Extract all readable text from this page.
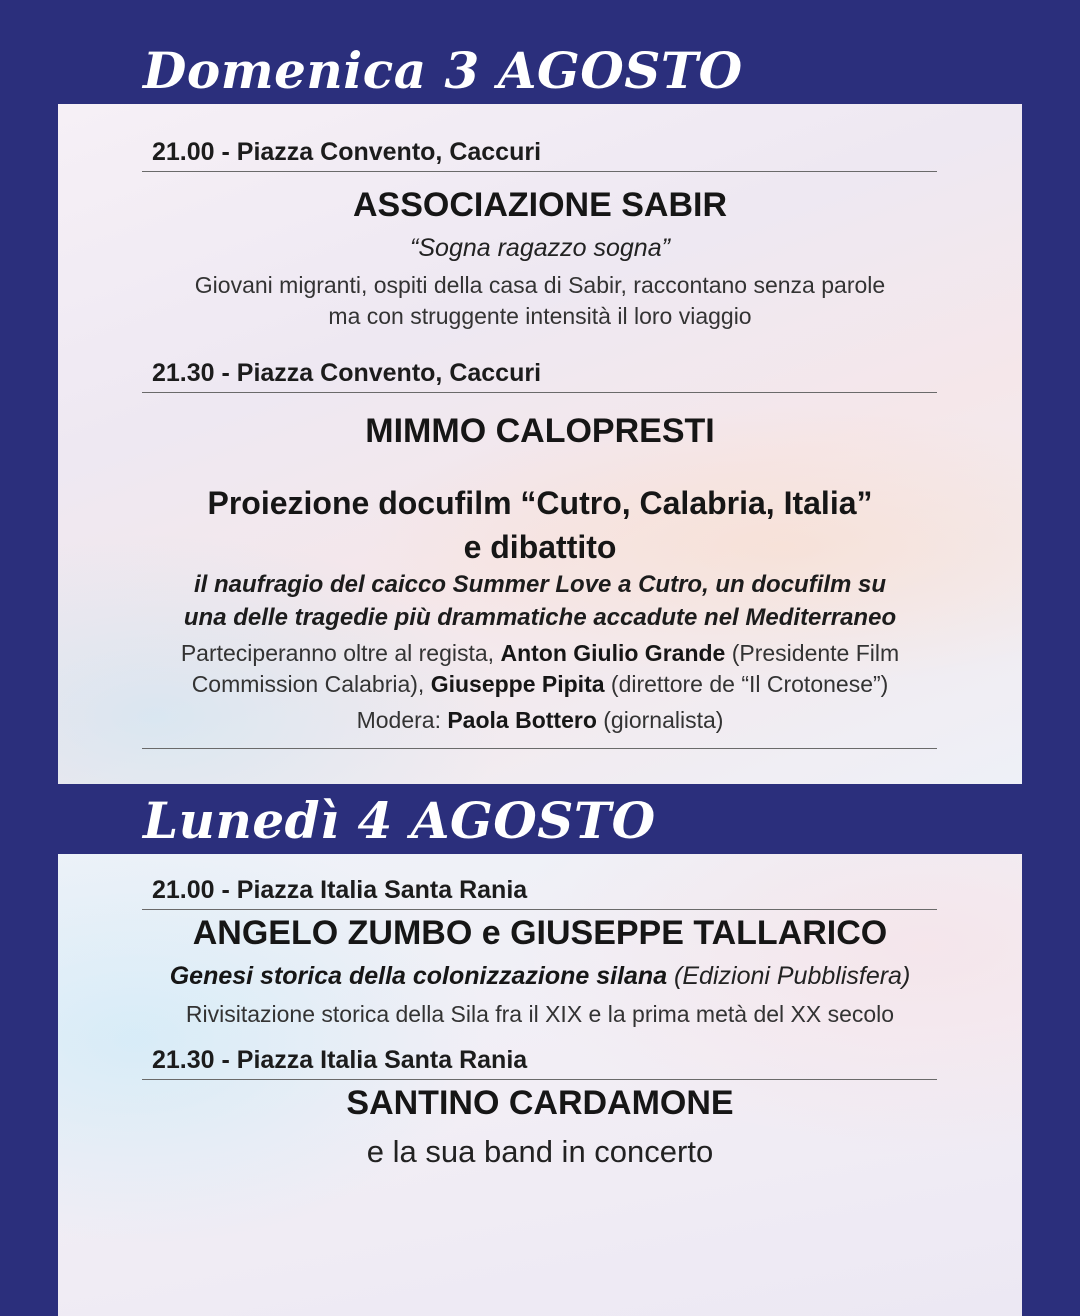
Domenica 3 AGOSTO

21.00 - Piazza Convento, Caccuri

ASSOCIAZIONE SABIR

“Sogna ragazzo sogna”

Giovani migranti, ospiti della casa di Sabir, raccontano senza parole

ma con struggente intensità il loro viaggio

21.30 - Piazza Convento, Caccuri

MIMMO CALOPRESTI

Proiezione docufilm “Cutro, Calabria, Italia”

e dibattito

il naufragio del caicco Summer Love a Cutro, un docufilm su

una delle tragedie più drammatiche accadute nel Mediterraneo

Parteciperanno oltre al regista, Anton Giulio Grande (Presidente Film

Commission Calabria), Giuseppe Pipita (direttore de “Il Crotonese”)

Modera: Paola Bottero (giornalista)

Lunedì 4 AGOSTO

21.00 - Piazza Italia Santa Rania

ANGELO ZUMBO e GIUSEPPE TALLARICO

Genesi storica della colonizzazione silana (Edizioni Pubblisfera)

Rivisitazione storica della Sila fra il XIX e la prima metà del XX secolo

21.30 - Piazza Italia Santa Rania

SANTINO CARDAMONE

e la sua band in concerto
